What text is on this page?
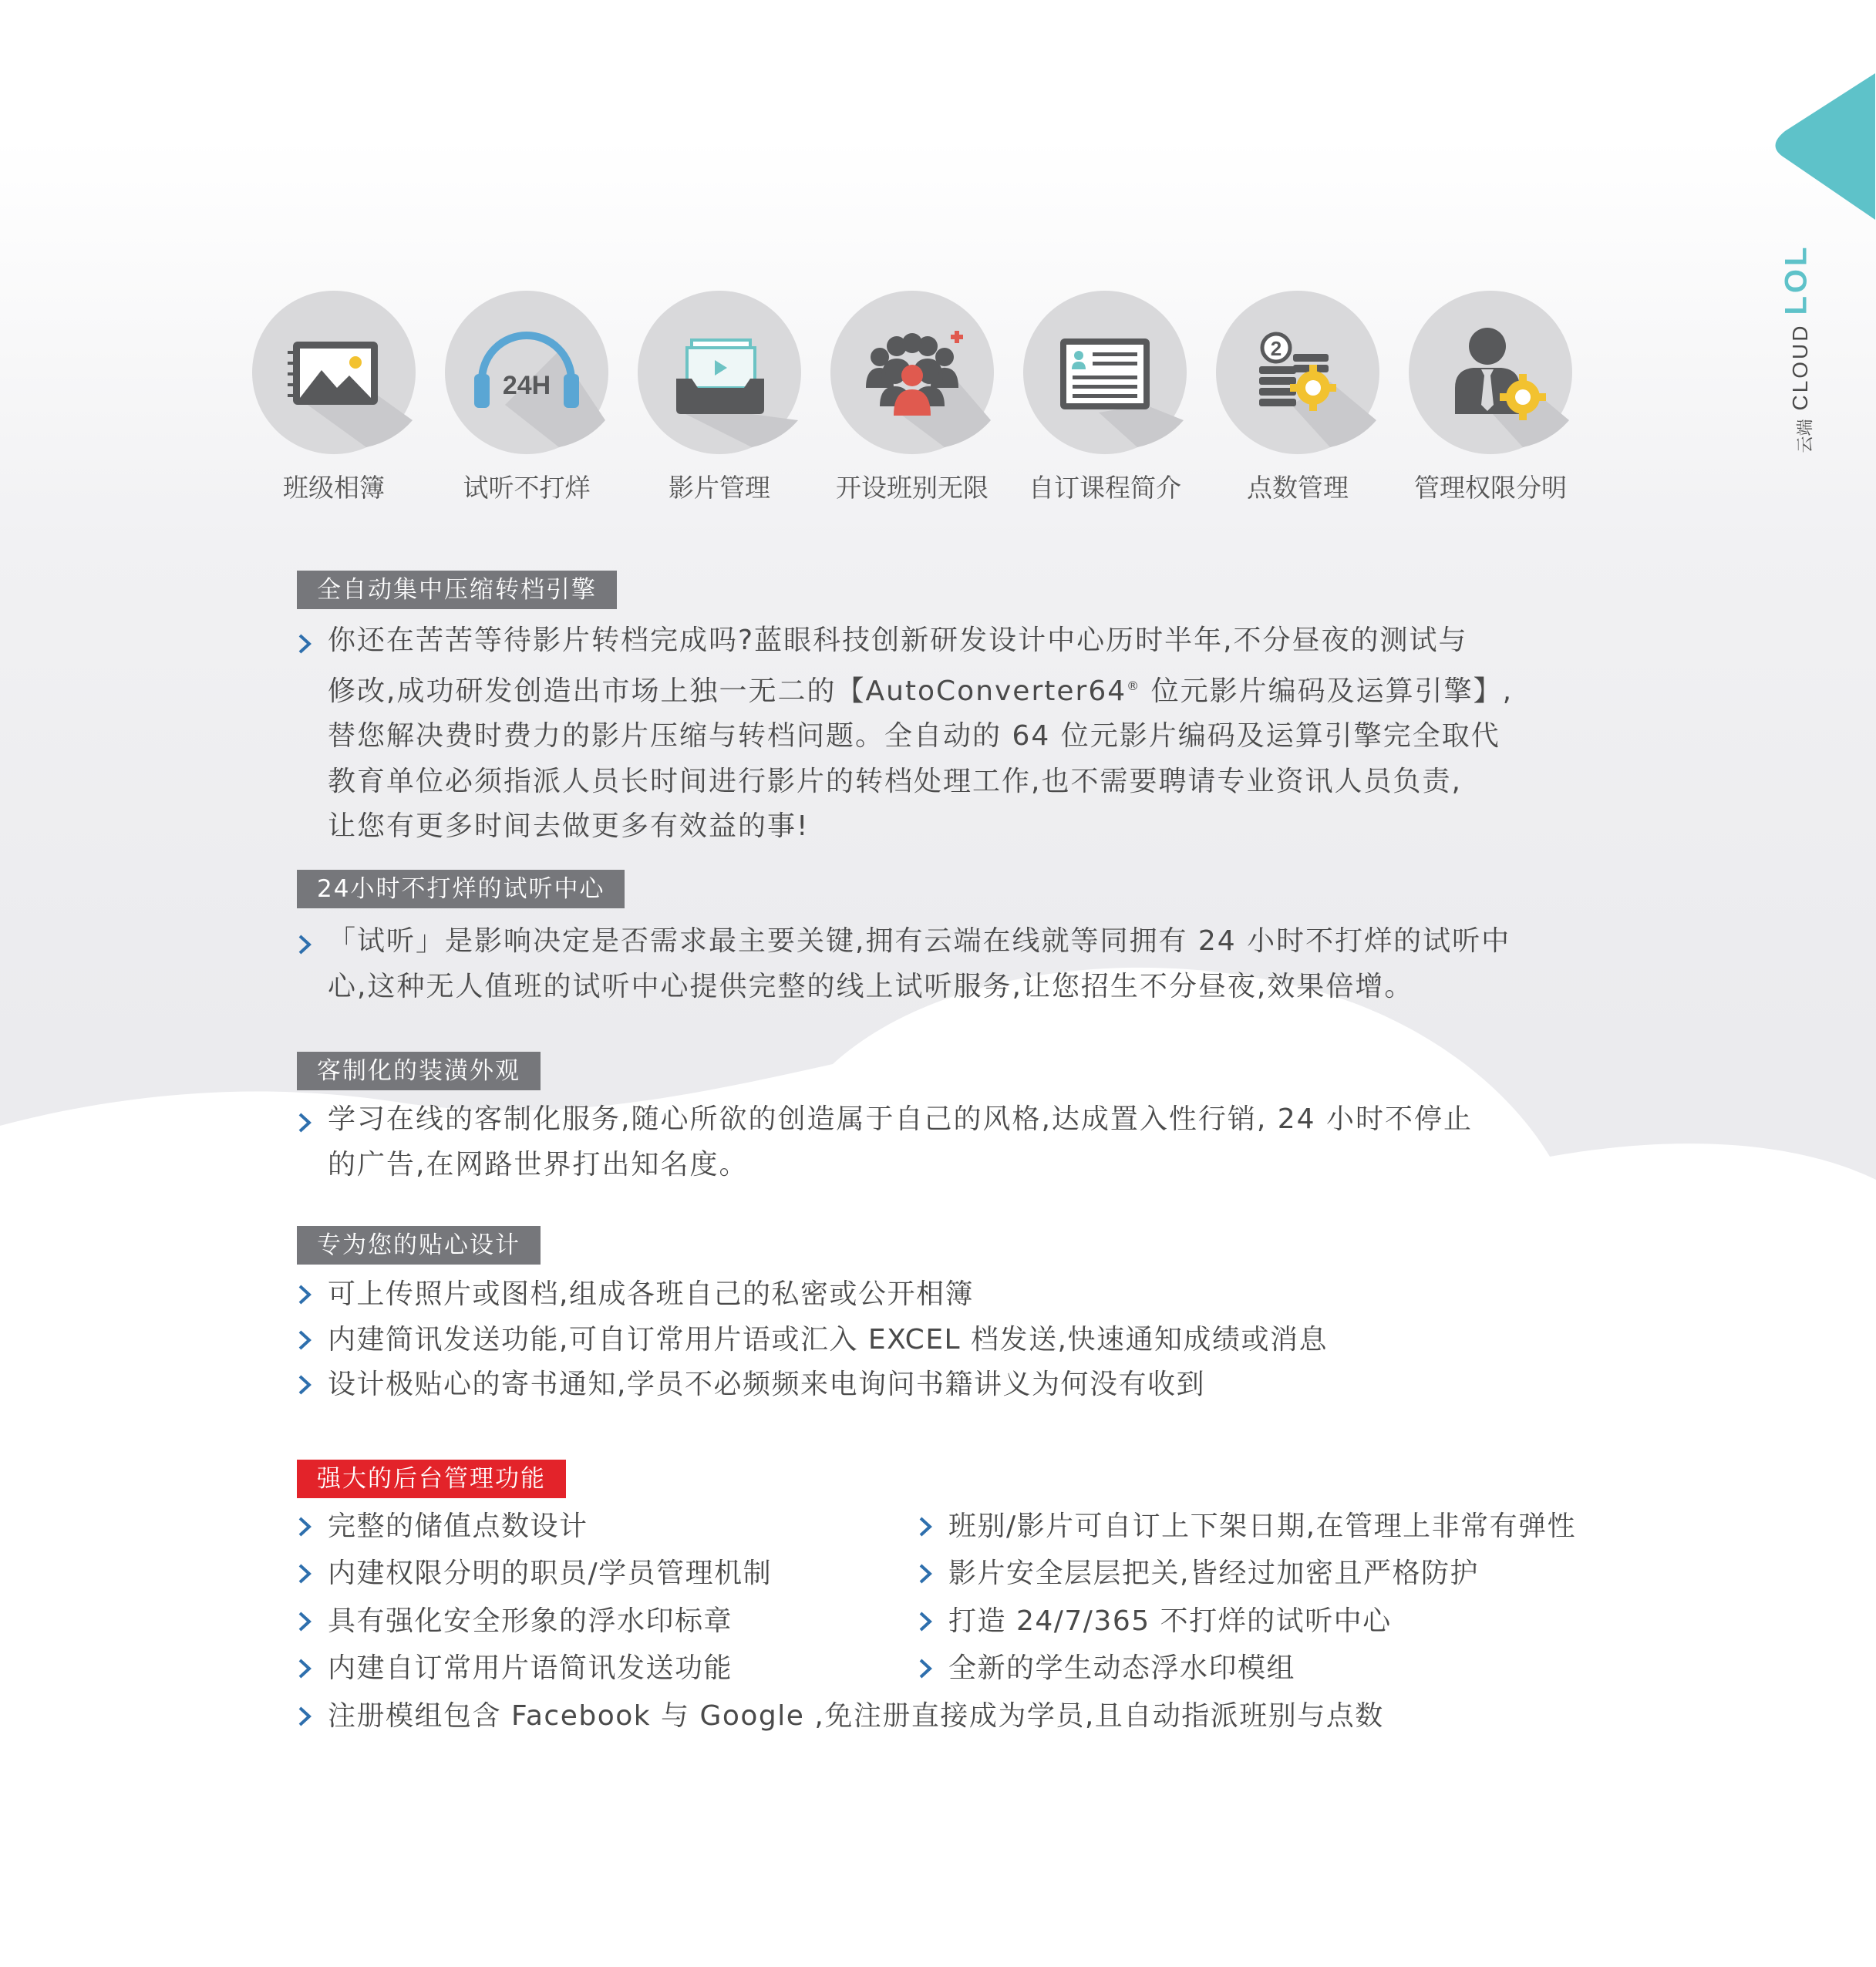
LOL
CLOUD
云端
班级相簿
24H
试听不打烊	影片管理	开设班别无限	自订课程简介
2
点数管理	管理权限分明
全自动集中压缩转档引擎
你还在苦苦等待影片转档完成吗?蓝眼科技创新研发设计中心历时半年,不分昼夜的测试与
修改,成功研发创造出市场上独一无二的【AutoConverter64® 位元影片编码及运算引擎】,
替您解决费时费力的影片压缩与转档问题。全自动的 64 位元影片编码及运算引擎完全取代
教育单位必须指派人员长时间进行影片的转档处理工作,也不需要聘请专业资讯人员负责,
让您有更多时间去做更多有效益的事!
24小时不打烊的试听中心
「试听」是影响决定是否需求最主要关键,拥有云端在线就等同拥有 24 小时不打烊的试听中
心,这种无人值班的试听中心提供完整的线上试听服务,让您招生不分昼夜,效果倍增。
客制化的装潢外观
学习在线的客制化服务,随心所欲的创造属于自己的风格,达成置入性行销, 24 小时不停止
的广告,在网路世界打出知名度。
专为您的贴心设计
可上传照片或图档,组成各班自己的私密或公开相簿
内建简讯发送功能,可自订常用片语或汇入 EXCEL 档发送,快速通知成绩或消息
设计极贴心的寄书通知,学员不必频频来电询问书籍讲义为何没有收到
强大的后台管理功能
完整的储值点数设计
内建权限分明的职员/学员管理机制
具有强化安全形象的浮水印标章
内建自订常用片语简讯发送功能
班别/影片可自订上下架日期,在管理上非常有弹性
影片安全层层把关,皆经过加密且严格防护
打造 24/7/365 不打烊的试听中心
全新的学生动态浮水印模组
注册模组包含 Facebook 与 Google ,免注册直接成为学员,且自动指派班别与点数
